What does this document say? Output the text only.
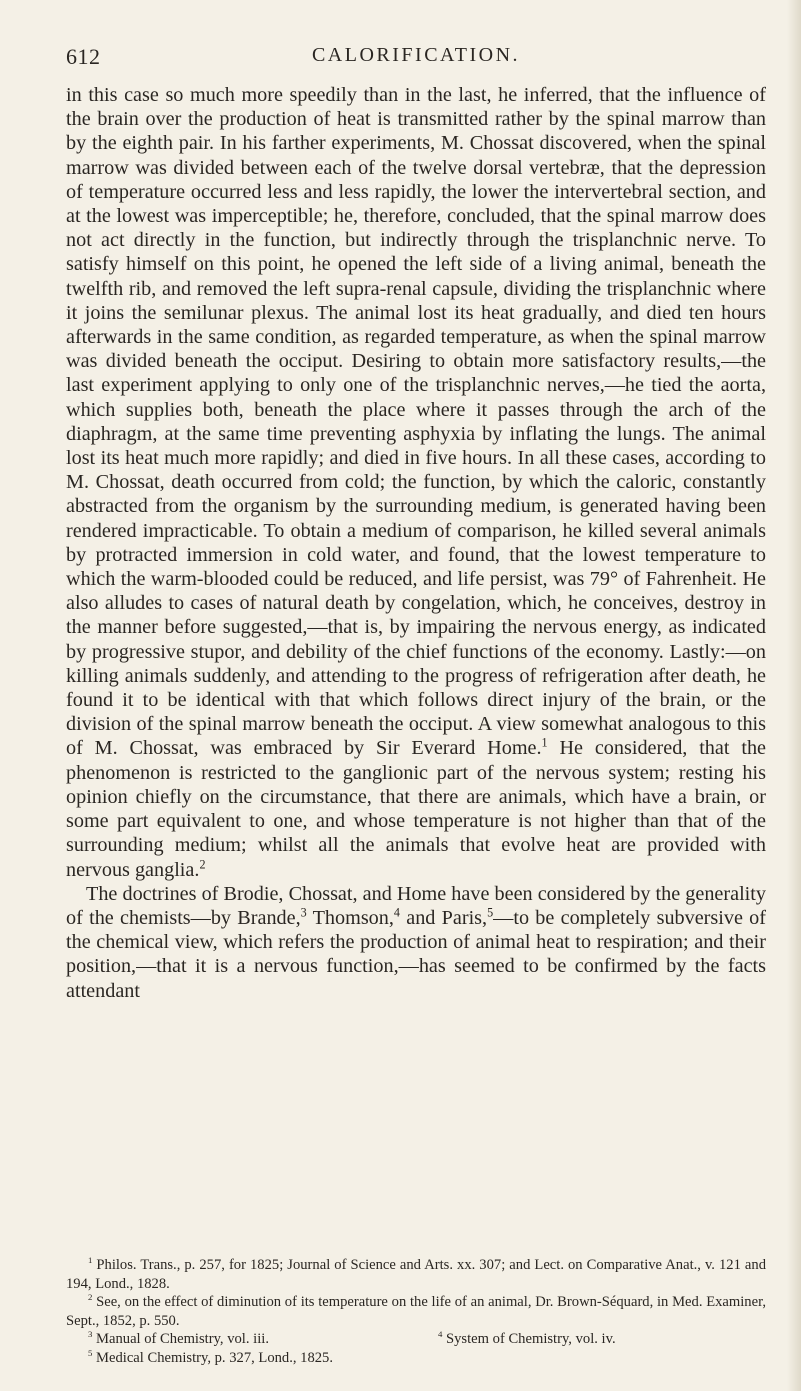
612	CALORIFICATION.

in this case so much more speedily than in the last, he inferred, that the influence of the brain over the production of heat is transmitted rather by the spinal marrow than by the eighth pair. In his farther experiments, M. Chossat discovered, when the spinal marrow was divided between each of the twelve dorsal vertebræ, that the depression of temperature occurred less and less rapidly, the lower the intervertebral section, and at the lowest was imperceptible; he, therefore, concluded, that the spinal marrow does not act directly in the function, but indirectly through the trisplanchnic nerve. To satisfy himself on this point, he opened the left side of a living animal, beneath the twelfth rib, and removed the left supra-renal capsule, dividing the trisplanchnic where it joins the semilunar plexus. The animal lost its heat gradually, and died ten hours afterwards in the same condition, as regarded temperature, as when the spinal marrow was divided beneath the occiput. Desiring to obtain more satisfactory results,—the last experiment applying to only one of the trisplanchnic nerves,—he tied the aorta, which supplies both, beneath the place where it passes through the arch of the diaphragm, at the same time preventing asphyxia by inflating the lungs. The animal lost its heat much more rapidly; and died in five hours. In all these cases, according to M. Chossat, death occurred from cold; the function, by which the caloric, constantly abstracted from the organism by the surrounding medium, is generated having been rendered impracticable. To obtain a medium of comparison, he killed several animals by protracted immersion in cold water, and found, that the lowest temperature to which the warm-blooded could be reduced, and life persist, was 79° of Fahrenheit. He also alludes to cases of natural death by congelation, which, he conceives, destroy in the manner before suggested,—that is, by impairing the nervous energy, as indicated by progressive stupor, and debility of the chief functions of the economy. Lastly:—on killing animals suddenly, and attending to the progress of refrigeration after death, he found it to be identical with that which follows direct injury of the brain, or the division of the spinal marrow beneath the occiput. A view somewhat analogous to this of M. Chossat, was embraced by Sir Everard Home.$^1$ He considered, that the phenomenon is restricted to the ganglionic part of the nervous system; resting his opinion chiefly on the circumstance, that there are animals, which have a brain, or some part equivalent to one, and whose temperature is not higher than that of the surrounding medium; whilst all the animals that evolve heat are provided with nervous ganglia.$^2$

The doctrines of Brodie, Chossat, and Home have been considered by the generality of the chemists—by Brande,$^3$ Thomson,$^4$ and Paris,$^5$—to be completely subversive of the chemical view, which refers the production of animal heat to respiration; and their position,—that it is a nervous function,—has seemed to be confirmed by the facts attendant

$^1$ Philos. Trans., p. 257, for 1825; Journal of Science and Arts. xx. 307; and Lect. on Comparative Anat., v. 121 and 194, Lond., 1828.

$^2$ See, on the effect of diminution of its temperature on the life of an animal, Dr. Brown-Séquard, in Med. Examiner, Sept., 1852, p. 550.

$^3$ Manual of Chemistry, vol. iii.	$^4$ System of Chemistry, vol. iv.

$^5$ Medical Chemistry, p. 327, Lond., 1825.
